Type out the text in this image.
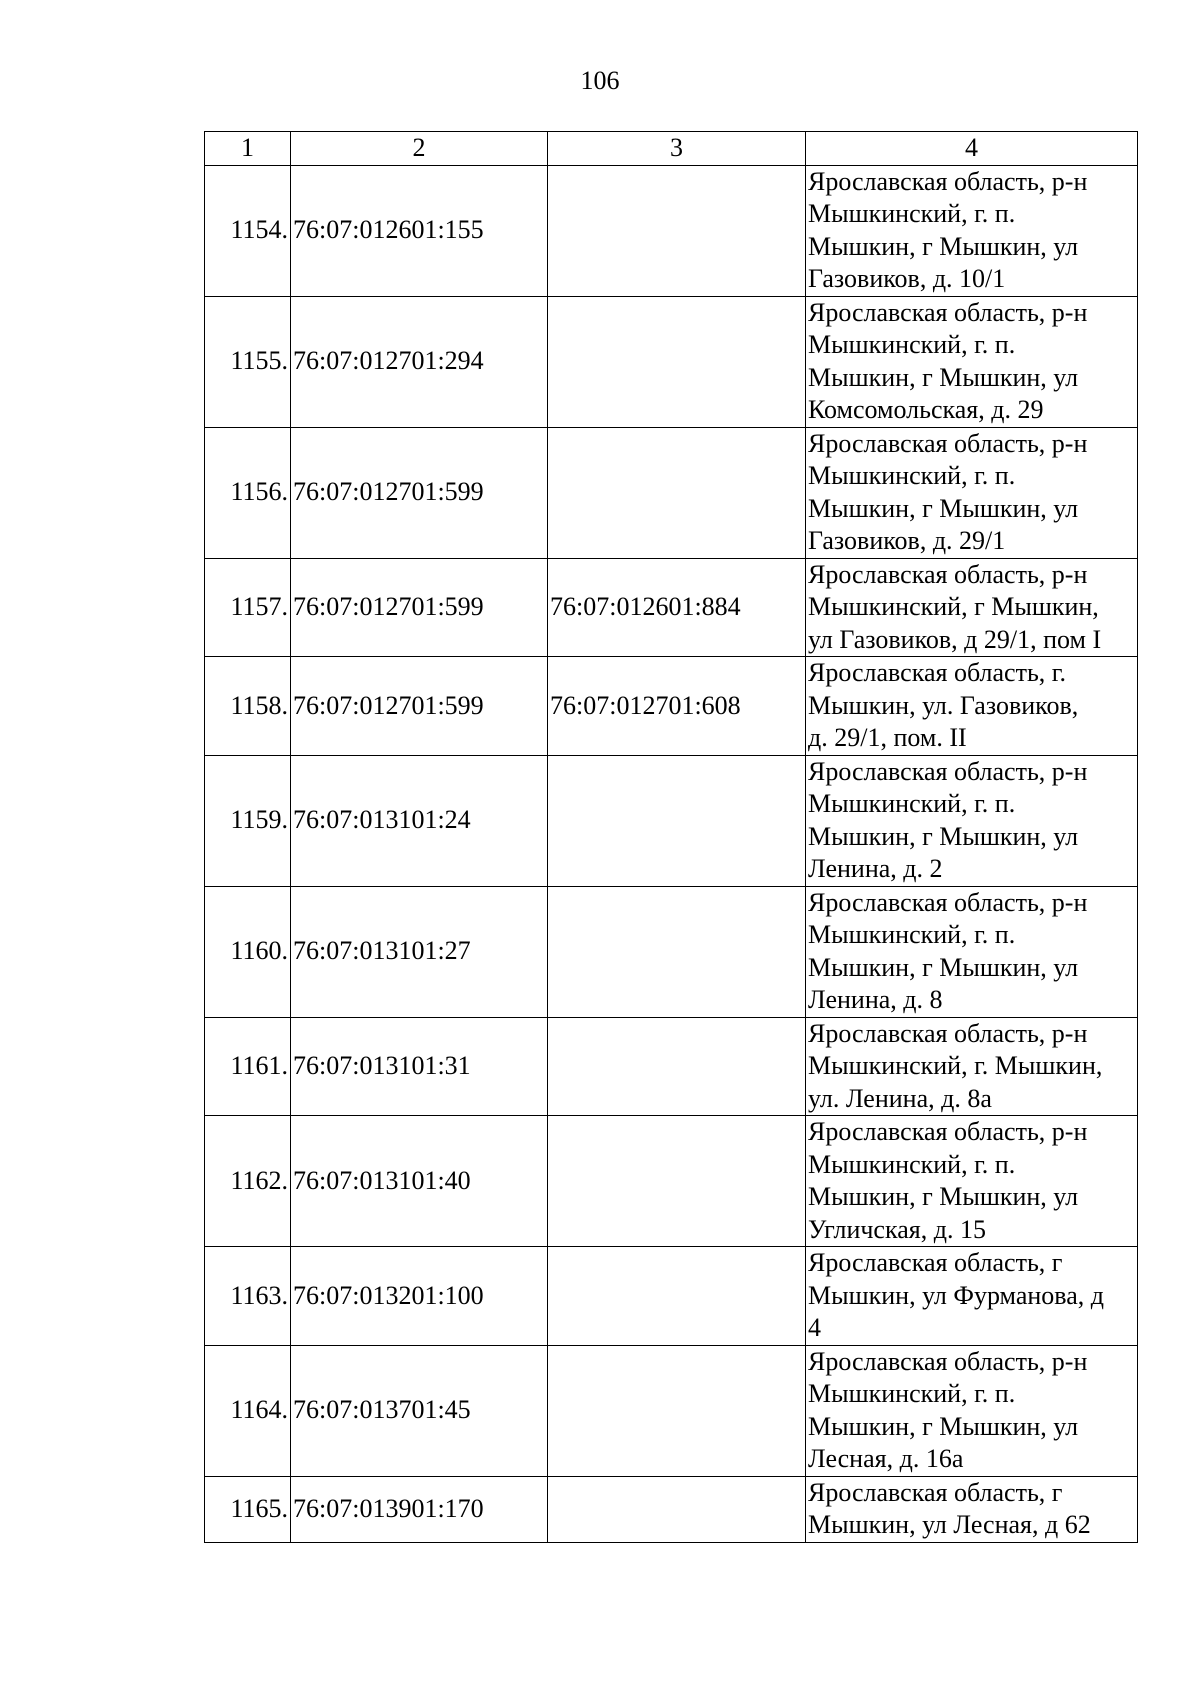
106
1	2	3	4
1154.	76:07:012601:155		Ярославская область, р-н
Мышкинский, г. п.
Мышкин, г Мышкин, ул
Газовиков, д. 10/1
1155.	76:07:012701:294		Ярославская область, р-н
Мышкинский, г. п.
Мышкин, г Мышкин, ул
Комсомольская, д. 29
1156.	76:07:012701:599		Ярославская область, р-н
Мышкинский, г. п.
Мышкин, г Мышкин, ул
Газовиков, д. 29/1
1157.	76:07:012701:599	76:07:012601:884	Ярославская область, р-н
Мышкинский, г Мышкин,
ул Газовиков, д 29/1, пом I
1158.	76:07:012701:599	76:07:012701:608	Ярославская область, г.
Мышкин, ул. Газовиков,
д. 29/1, пом. II
1159.	76:07:013101:24		Ярославская область, р-н
Мышкинский, г. п.
Мышкин, г Мышкин, ул
Ленина, д. 2
1160.	76:07:013101:27		Ярославская область, р-н
Мышкинский, г. п.
Мышкин, г Мышкин, ул
Ленина, д. 8
1161.	76:07:013101:31		Ярославская область, р-н
Мышкинский, г. Мышкин,
ул. Ленина, д. 8а
1162.	76:07:013101:40		Ярославская область, р-н
Мышкинский, г. п.
Мышкин, г Мышкин, ул
Угличская, д. 15
1163.	76:07:013201:100		Ярославская область, г
Мышкин, ул Фурманова, д
4
1164.	76:07:013701:45		Ярославская область, р-н
Мышкинский, г. п.
Мышкин, г Мышкин, ул
Лесная, д. 16а
1165.	76:07:013901:170		Ярославская область, г
Мышкин, ул Лесная, д 62
